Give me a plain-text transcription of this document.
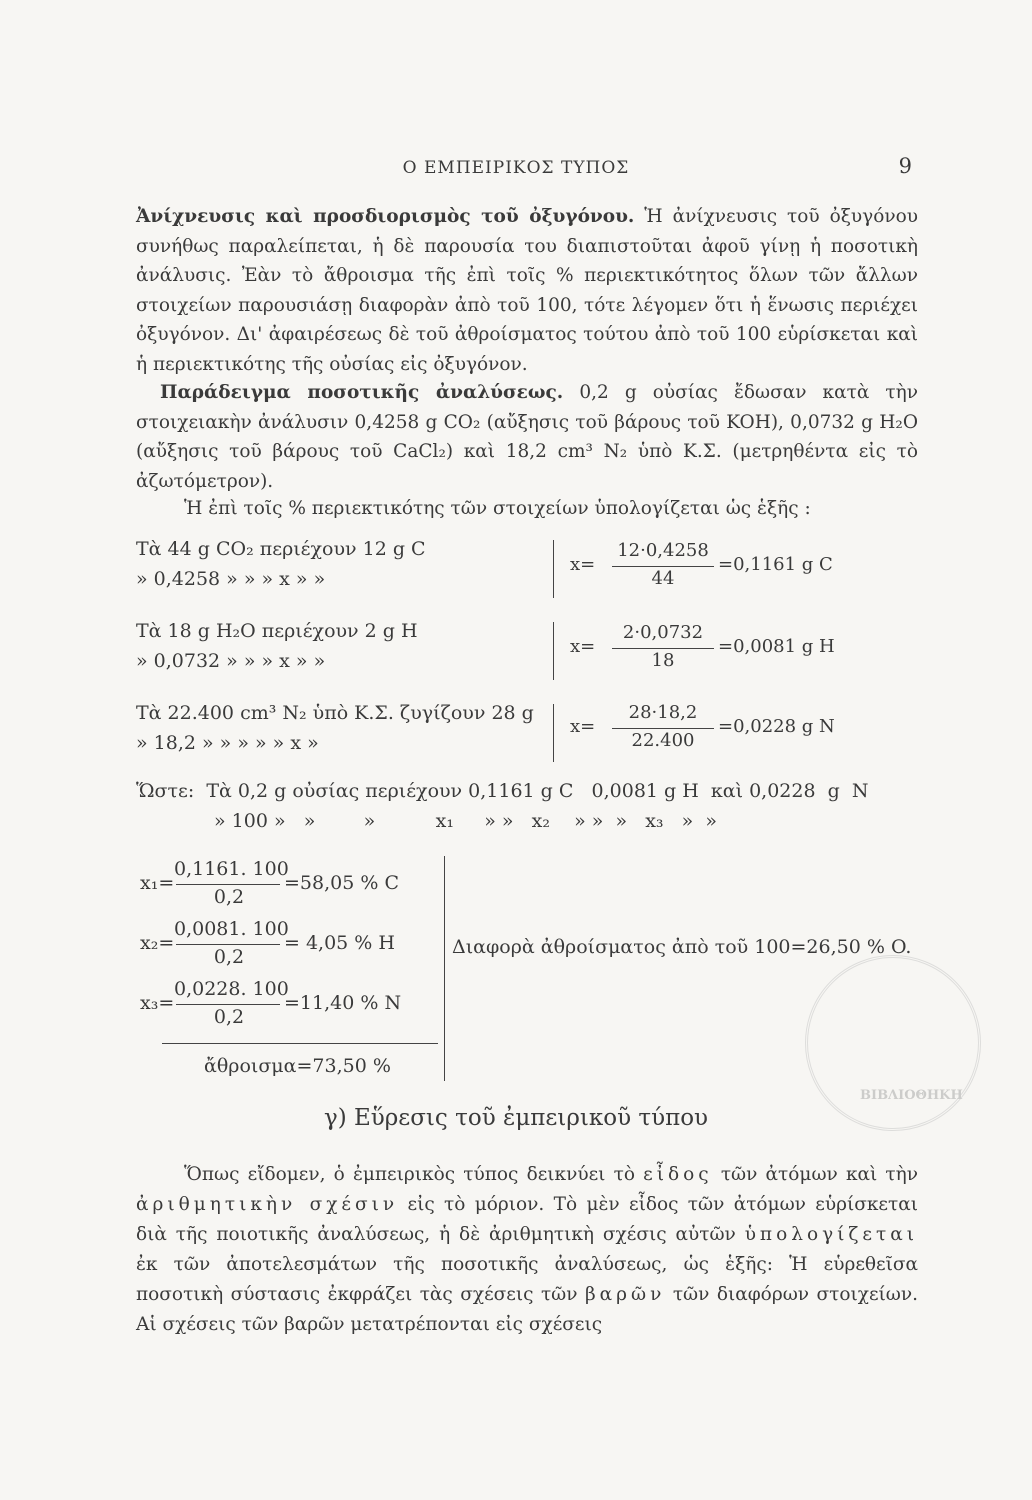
Ο ΕΜΠΕΙΡΙΚΟΣ ΤΥΠΟΣ	9

Ἀνίχνευσις καὶ προσδιορισμὸς τοῦ ὀξυγόνου. Ἡ ἀνίχνευσις τοῦ ὀξυγόνου συνήθως παραλείπεται, ἡ δὲ παρουσία του διαπιστοῦται ἀφοῦ γίνῃ ἡ ποσοτικὴ ἀνάλυσις. Ἐὰν τὸ ἄθροισμα τῆς ἐπὶ τοῖς % περιεκτικότητος ὅλων τῶν ἄλλων στοιχείων παρουσιάσῃ διαφορὰν ἀπὸ τοῦ 100, τότε λέγομεν ὅτι ἡ ἕνωσις περιέχει ὀξυγόνον. Δι' ἀφαιρέσεως δὲ τοῦ ἀθροίσματος τούτου ἀπὸ τοῦ 100 εὑρίσκεται καὶ ἡ περιεκτικότης τῆς οὐσίας εἰς ὀξυγόνον.

Παράδειγμα ποσοτικῆς ἀναλύσεως. 0,2 g οὐσίας ἔδωσαν κατὰ τὴν στοιχειακὴν ἀνάλυσιν 0,4258 g CO₂ (αὔξησις τοῦ βάρους τοῦ KOH), 0,0732 g H₂O (αὔξησις τοῦ βάρους τοῦ CaCl₂) καὶ 18,2 cm³ N₂ ὑπὸ Κ.Σ. (μετρηθέντα εἰς τὸ ἀζωτόμετρον).

Ἡ ἐπὶ τοῖς % περιεκτικότης τῶν στοιχείων ὑπολογίζεται ὡς ἑξῆς :

Τὰ 44 g CO₂ περιέχουν 12 g C
» 0,4258 » » » x » »
x=
12·0,4258
44
=0,1161 g C
Τὰ 18 g H₂O περιέχουν 2 g H
» 0,0732 » » » x » »
x=
2·0,0732
18
=0,0081 g H
Τὰ 22.400 cm³ N₂ ὑπὸ Κ.Σ. ζυγίζουν 28 g
» 18,2 » » » » » x »
x=
28·18,2
22.400
=0,0228 g N

Ὥστε:  Τὰ 0,2 g οὐσίας περιέχουν 0,1161 g C   0,0081 g H  καὶ 0,0228  g  N

» 100 »   »        »          x₁     » »   x₂    » »  »   x₃   »  »

x₁=
0,1161. 100
0,2
=58,05 % C
x₂=
0,0081. 100
0,2
= 4,05 % H
x₃=
0,0228. 100
0,2
=11,40 % N
ἄθροισμα=73,50 %
Διαφορὰ ἀθροίσματος ἀπὸ τοῦ 100=26,50 % O.
ΒΙΒΛΙΟΘΗΚΗ
γ) Εὕρεσις τοῦ ἐμπειρικοῦ τύπου

Ὅπως εἴδομεν, ὁ ἐμπειρικὸς τύπος δεικνύει τὸ εἶδος τῶν ἀτόμων καὶ τὴν ἀριθμητικὴν σχέσιν εἰς τὸ μόριον. Τὸ μὲν εἶδος τῶν ἀτόμων εὑρίσκεται διὰ τῆς ποιοτικῆς ἀναλύσεως, ἡ δὲ ἀριθμητικὴ σχέσις αὐτῶν ὑπολογίζεται ἐκ τῶν ἀποτελεσμάτων τῆς ποσοτικῆς ἀναλύσεως, ὡς ἑξῆς: Ἡ εὑρεθεῖσα ποσοτικὴ σύστασις ἐκφράζει τὰς σχέσεις τῶν βαρῶν τῶν διαφόρων στοιχείων. Αἱ σχέσεις τῶν βαρῶν μετατρέπονται εἰς σχέσεις
